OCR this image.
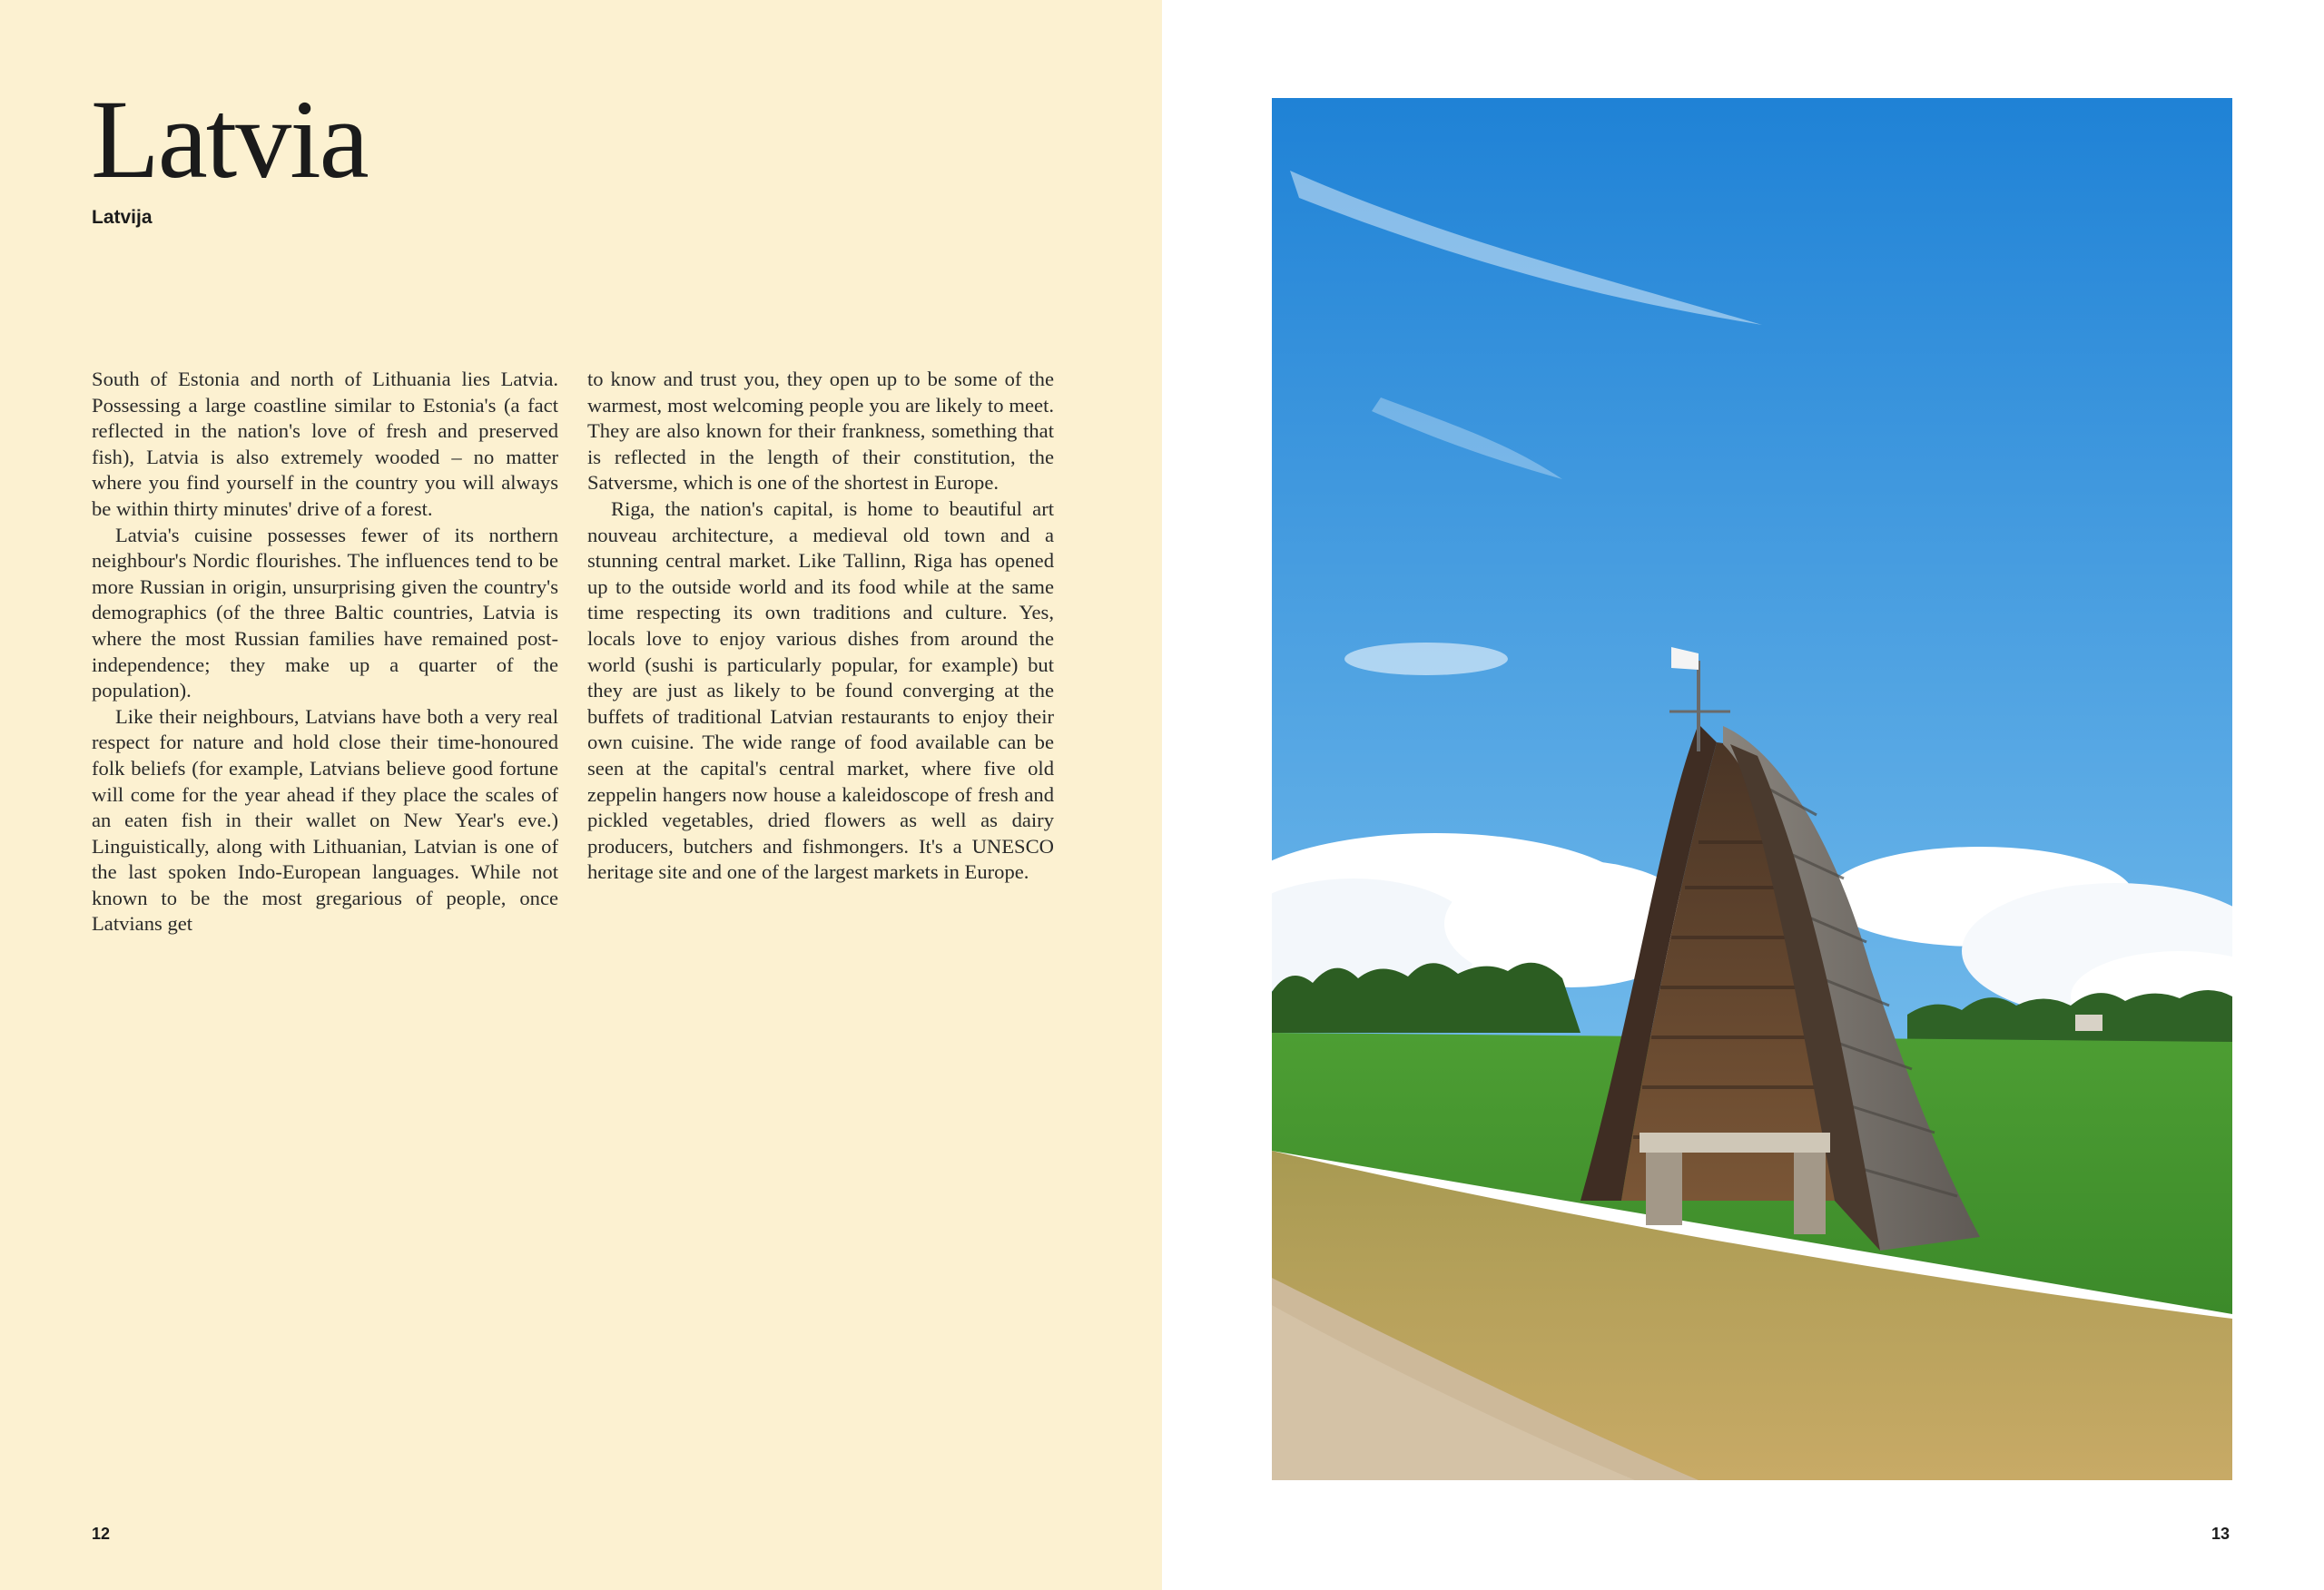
Latvia
Latvija

South of Estonia and north of Lithuania lies Latvia. Possessing a large coastline similar to Estonia's (a fact reflected in the nation's love of fresh and preserved fish), Latvia is also extremely wooded – no matter where you find yourself in the country you will always be within thirty minutes' drive of a forest.

Latvia's cuisine possesses fewer of its northern neighbour's Nordic flourishes. The influences tend to be more Russian in origin, unsurprising given the country's demographics (of the three Baltic countries, Latvia is where the most Russian families have remained post-independence; they make up a quarter of the population).

Like their neighbours, Latvians have both a very real respect for nature and hold close their time-honoured folk beliefs (for example, Latvians believe good fortune will come for the year ahead if they place the scales of an eaten fish in their wallet on New Year's eve.) Linguistically, along with Lithuanian, Latvian is one of the last spoken Indo-European languages. While not known to be the most gregarious of people, once Latvians get

to know and trust you, they open up to be some of the warmest, most welcoming people you are likely to meet. They are also known for their frankness, something that is reflected in the length of their constitution, the Satversme, which is one of the shortest in Europe.

Riga, the nation's capital, is home to beautiful art nouveau architecture, a medieval old town and a stunning central market. Like Tallinn, Riga has opened up to the outside world and its food while at the same time respecting its own traditions and culture. Yes, locals love to enjoy various dishes from around the world (sushi is particularly popular, for example) but they are just as likely to be found converging at the buffets of traditional Latvian restaurants to enjoy their own cuisine. The wide range of food available can be seen at the capital's central market, where five old zeppelin hangers now house a kaleidoscope of fresh and pickled vegetables, dried flowers as well as dairy producers, butchers and fishmongers. It's a UNESCO heritage site and one of the largest markets in Europe.

12	13
